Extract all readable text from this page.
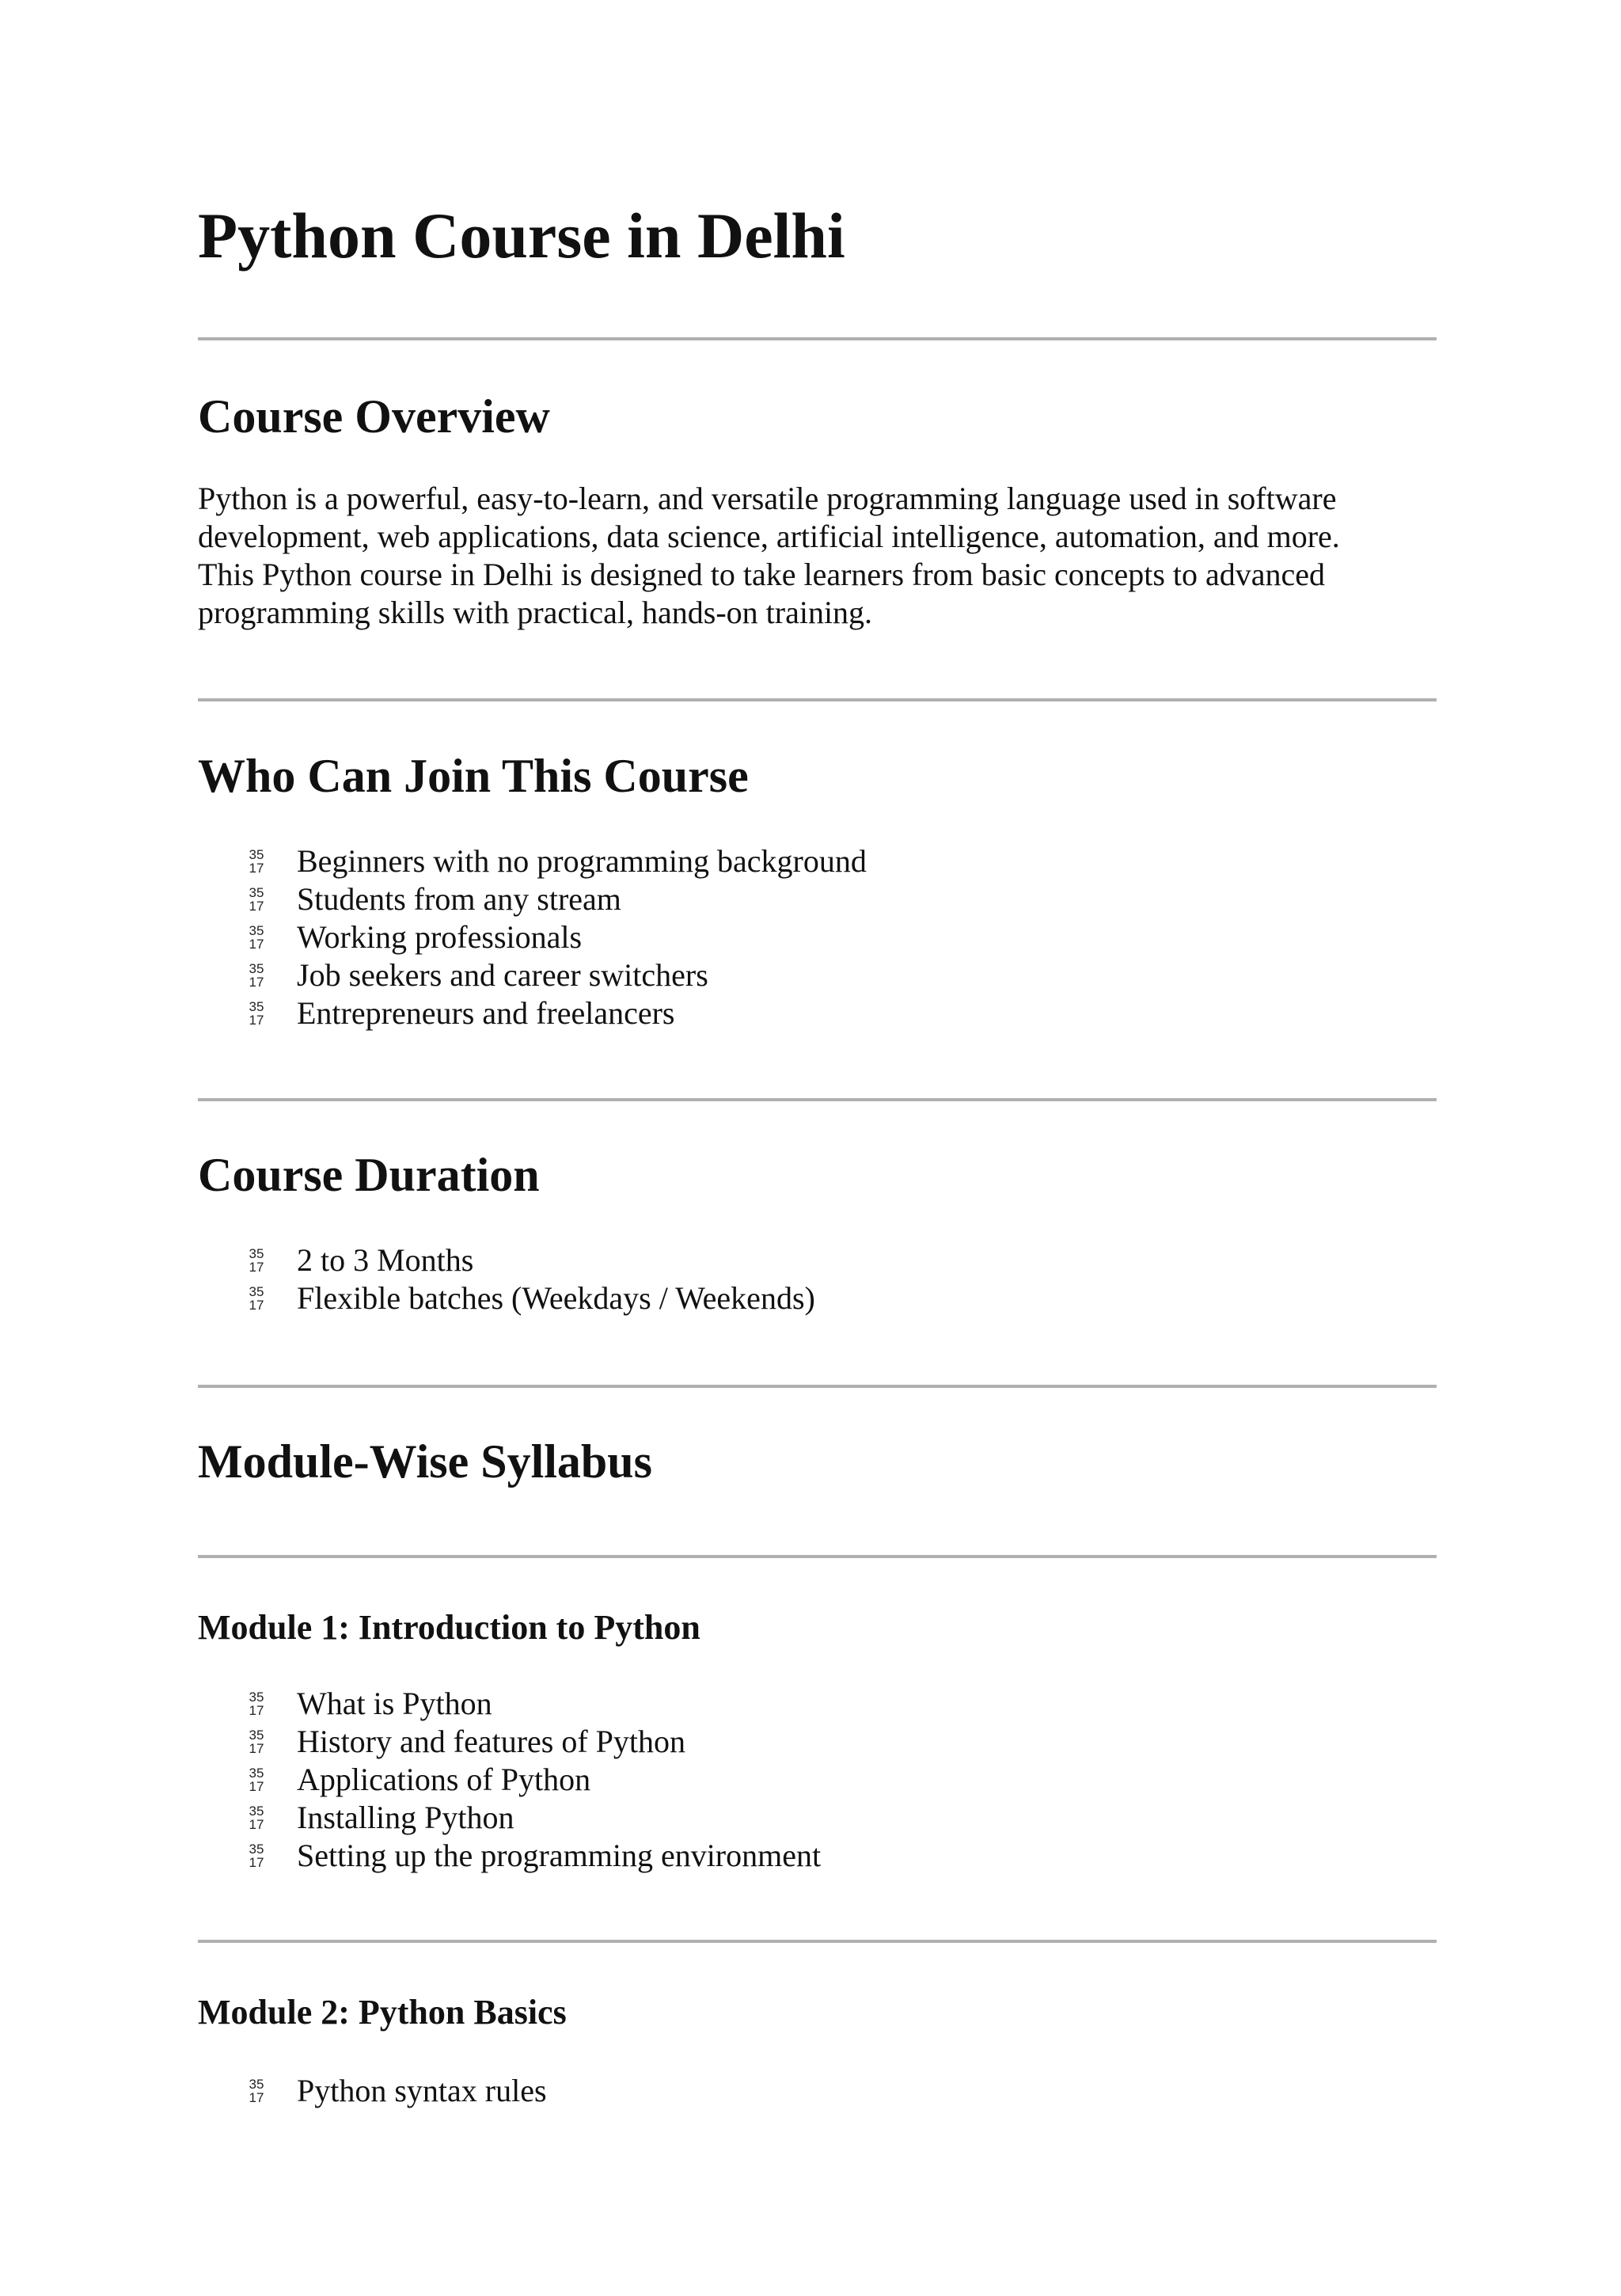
Python Course in Delhi
Course Overview

Python is a powerful, easy-to-learn, and versatile programming language used in software
development, web applications, data science, artificial intelligence, automation, and more.
This Python course in Delhi is designed to take learners from basic concepts to advanced
programming skills with practical, hands-on training.

Who Can Join This Course
35
17 Beginners with no programming background
35
17 Students from any stream
35
17 Working professionals
35
17 Job seekers and career switchers
35
17 Entrepreneurs and freelancers
Course Duration
35
17 2 to 3 Months
35
17 Flexible batches (Weekdays / Weekends)
Module-Wise Syllabus
Module 1: Introduction to Python
35
17 What is Python
35
17 History and features of Python
35
17 Applications of Python
35
17 Installing Python
35
17 Setting up the programming environment
Module 2: Python Basics
35
17 Python syntax rules
